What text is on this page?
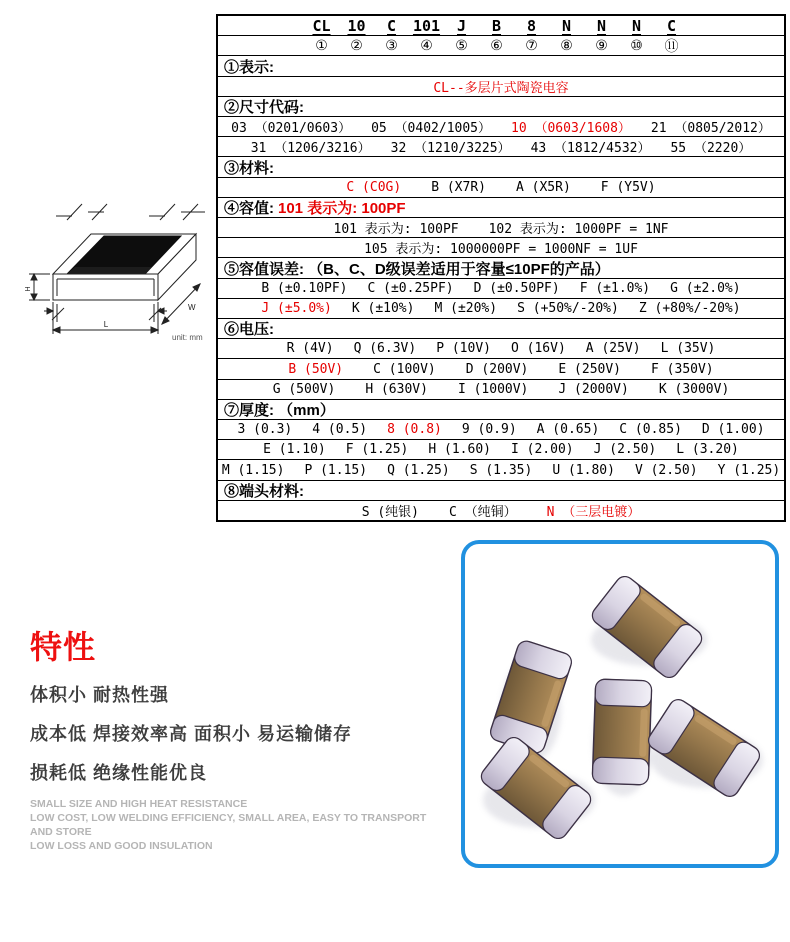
CL	10	C	101	J	B	8	N	N	N	C
①	②	③	④	⑤	⑥	⑦	⑧	⑨	⑩	⑪
①表示:
CL--多层片式陶瓷电容
②尺寸代码:
03 （0201/0603） 05 （0402/1005） 10 （0603/1608） 21 （0805/2012）
31 （1206/3216） 32 （1210/3225） 43 （1812/4532） 55 （2220）
③材料:
C (C0G) B (X7R) A (X5R) F (Y5V)
④容值: 101 表示为: 100PF
101 表示为: 100PF 102 表示为: 1000PF = 1NF
105 表示为: 1000000PF = 1000NF = 1UF
⑤容值误差: （B、C、D级误差适用于容量≤10PF的产品）
B (±0.10PF) C (±0.25PF) D (±0.50PF) F (±1.0%) G (±2.0%)
J (±5.0%) K (±10%) M (±20%) S (+50%/-20%) Z (+80%/-20%)
⑥电压:
R (4V) Q (6.3V) P (10V) O (16V) A (25V) L (35V)
B (50V) C (100V) D (200V) E (250V) F (350V)
G (500V) H (630V) I (1000V) J (2000V) K (3000V)
⑦厚度: （mm）
3 (0.3) 4 (0.5) 8 (0.8) 9 (0.9) A (0.65) C (0.85) D (1.00)
E (1.10) F (1.25) H (1.60) I (2.00) J (2.50) L (3.20)
M (1.15) P (1.15) Q (1.25) S (1.35) U (1.80) V (2.50) Y (1.25)
⑧端头材料:
S (纯银) C （纯铜） N （三层电镀）
H
L
W
unit: mm
特性
体积小 耐热性强
成本低 焊接效率高 面积小 易运输储存
损耗低 绝缘性能优良
SMALL SIZE AND HIGH HEAT RESISTANCE
LOW COST, LOW WELDING EFFICIENCY, SMALL AREA, EASY TO TRANSPORT AND STORE
LOW LOSS AND GOOD INSULATION
